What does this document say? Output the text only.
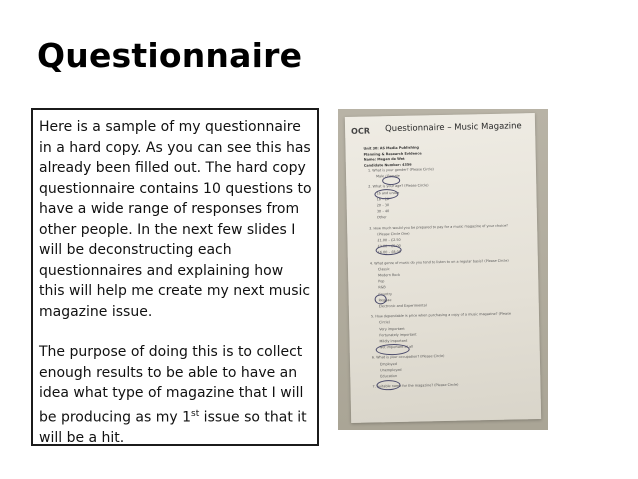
Questionnaire

Here is a sample of my questionnaire in a hard copy. As you can see this has already been filled out. The hard copy questionnaire contains 10 questions to have a wide range of responses from other people. In the next few slides I will be deconstructing each questionnaires and explaining how this will help me create my next music magazine issue.

The purpose of doing this is to collect enough results to be able to have an idea what type of magazine that I will be producing as my 1st issue so that it will be a hit.

OCR Questionnaire – Music Magazine
Unit 30: AS Media Publishing
Planning & Research Evidence
Name: Megan de Wet
Candidate Number: 4356
1. What is your gender? (Please Circle)
Male / Female
2. What is your age? (Please Circle)
16 and under
16 – 20
20 – 30
30 – 40
Other
3. How much would you be prepared to pay for a music magazine of your choice?
(Please Circle One)
£1.00 – £2.50
£3.00 – £5.00
£6.00 – £8.00
4. What genre of music do you tend to listen to on a regular basis? (Please Circle)
Classic
Modern Rock
Pop
R&B
Country
Reggae
Electronic and Experimental
5. How dependable is price when purchasing a copy of a music magazine? (Please
Circle)
Very important
Fortunately important
Mildly important
Not important at all
6. What is your occupation? (Please Circle)
Employed
Unemployed
Education
7. Suitable name for the magazine? (Please Circle)
